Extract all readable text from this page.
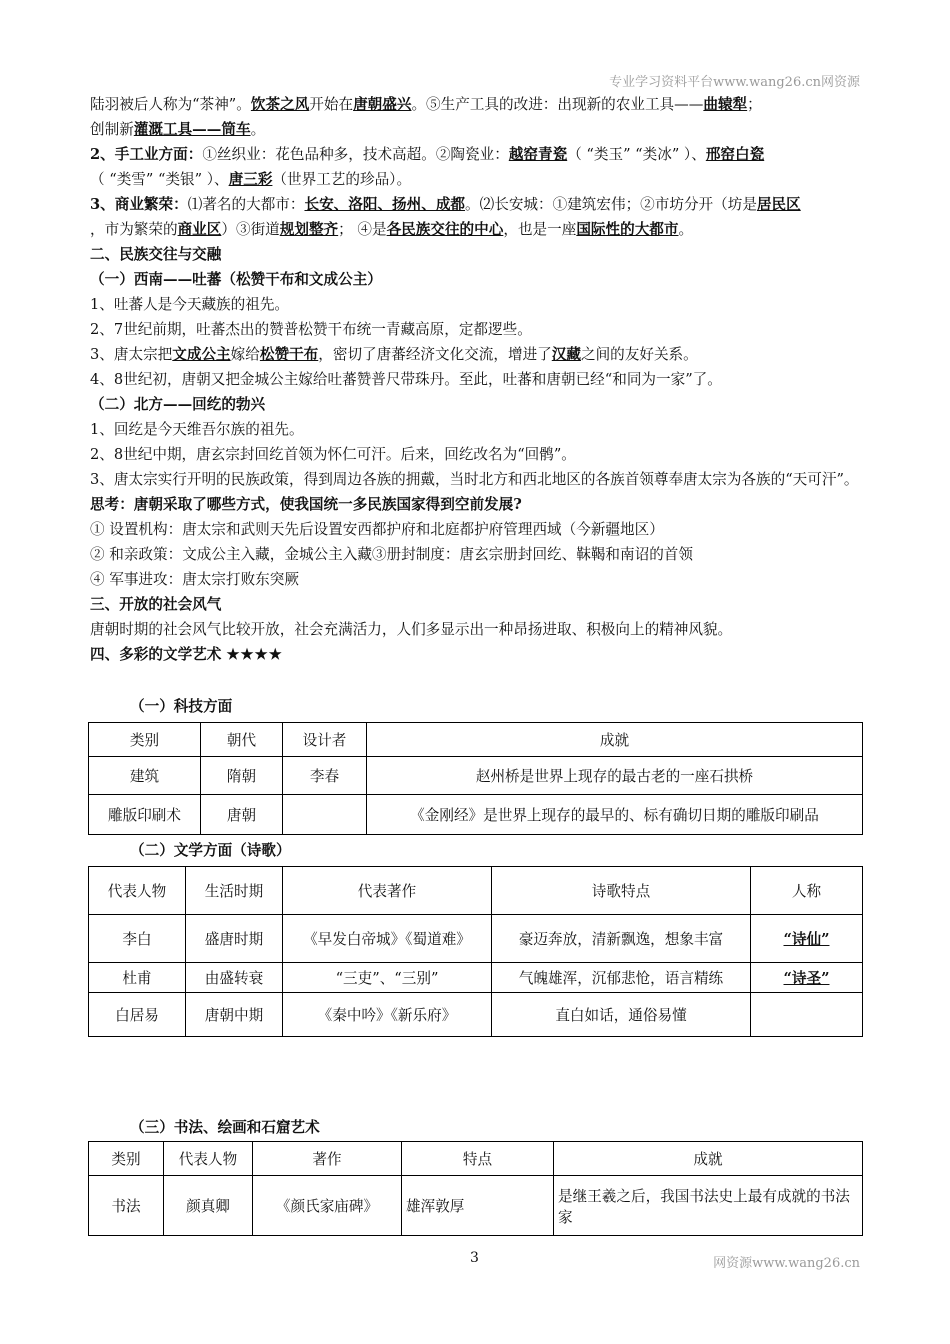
专业学习资料平台www.wang26.cn网资源
陆羽被后人称为“茶神”。饮茶之风开始在唐朝盛兴。⑤生产工具的改进：出现新的农业工具——曲辕犁；
创制新灌溉工具——筒车。
2、手工业方面：①丝织业：花色品种多，技术高超。②陶瓷业：越窑青瓷（ “类玉” “类冰” ）、邢窑白瓷
（ “类雪” “类银” ）、唐三彩（世界工艺的珍品）。
3、商业繁荣：⑴著名的大都市：长安、洛阳、扬州、成都。⑵长安城：①建筑宏伟；②市坊分开（坊是居民区
，市为繁荣的商业区）③街道规划整齐； ④是各民族交往的中心，也是一座国际性的大都市。
二、民族交往与交融
（一）西南——吐蕃（松赞干布和文成公主）
1、吐蕃人是今天藏族的祖先。
2、7世纪前期，吐蕃杰出的赞普松赞干布统一青藏高原，定都逻些。
3、唐太宗把文成公主嫁给松赞干布，密切了唐蕃经济文化交流，增进了汉藏之间的友好关系。
4、8世纪初，唐朝又把金城公主嫁给吐蕃赞普尺带珠丹。至此，吐蕃和唐朝已经“和同为一家”了。
（二）北方——回纥的勃兴
1、回纥是今天维吾尔族的祖先。
2、8世纪中期，唐玄宗封回纥首领为怀仁可汗。后来，回纥改名为“回鹘”。
3、唐太宗实行开明的民族政策，得到周边各族的拥戴，当时北方和西北地区的各族首领尊奉唐太宗为各族的“天可汗”。
思考：唐朝采取了哪些方式，使我国统一多民族国家得到空前发展?
① 设置机构：唐太宗和武则天先后设置安西都护府和北庭都护府管理西域（今新疆地区）
② 和亲政策：文成公主入藏，金城公主入藏③册封制度：唐玄宗册封回纥、靺鞨和南诏的首领
④ 军事进攻：唐太宗打败东突厥
三、开放的社会风气
唐朝时期的社会风气比较开放，社会充满活力，人们多显示出一种昂扬进取、积极向上的精神风貌。
四、多彩的文学艺术 ★★★★
（一）科技方面
类别	朝代	设计者	成就
建筑	隋朝	李春	赵州桥是世界上现存的最古老的一座石拱桥
雕版印刷术	唐朝		《金刚经》是世界上现存的最早的、标有确切日期的雕版印刷品
（二）文学方面（诗歌）
代表人物	生活时期	代表著作	诗歌特点	人称
李白	盛唐时期	《早发白帝城》《蜀道难》	豪迈奔放，清新飘逸，想象丰富	“诗仙”
杜甫	由盛转衰	“三吏”、“三别”	气魄雄浑，沉郁悲怆，语言精练	“诗圣”
白居易	唐朝中期	《秦中吟》《新乐府》	直白如话，通俗易懂	
（三）书法、绘画和石窟艺术
类别	代表人物	著作	特点	成就
书法	颜真卿	《颜氏家庙碑》	雄浑敦厚	是继王羲之后，我国书法史上最有成就的书法家
3	网资源www.wang26.cn
